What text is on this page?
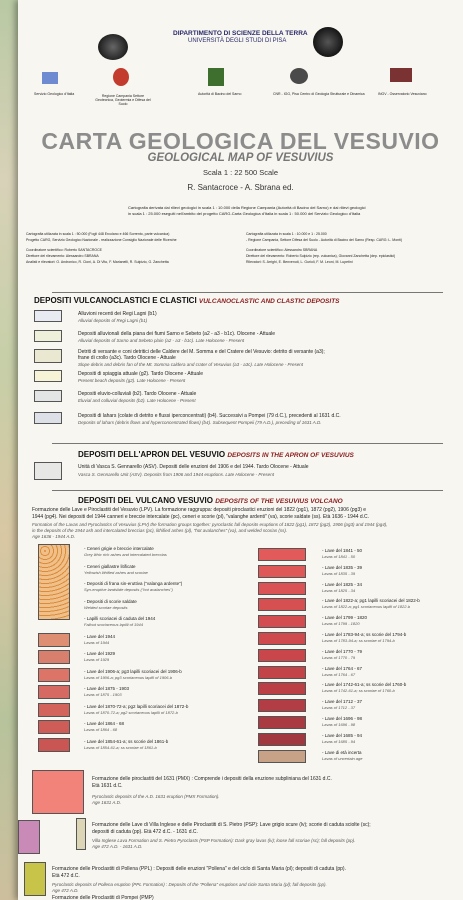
DIPARTIMENTO DI SCIENZE DELLA TERRA
UNIVERSITÀ DEGLI STUDI DI PISA
Servizio Geologico d'Italia	Regione Campania Settore Geotecnica, Geotermia e Difesa del Suolo
Autorità di Bacino del Sarno	CNR - IGG, Pisa Centro di Geologia Strutturale e Dinamica	INGV - Osservatorio Vesuviano
CARTA GEOLOGICA DEL VESUVIO
GEOLOGICAL MAP OF VESUVIUS
Scala 1 : 22 500 Scale
R. Santacroce - A. Sbrana ed.
Cartografia derivata dai rilievi geologici in scala 1 : 10.000 della Regione Campania (Autorità di Bacino del Sarno) e dai rilievi geologici
in scala 1 : 25.000 eseguiti nell'ambito del progetto CARG-Carta Geologica d'Italia in scala 1 : 50.000 del Servizio Geologico d'Italia
Cartografia utilizzata in scala 1 : 50.000 (Fogli 448 Ercolano e 466 Sorrento, parte vulcanica)
Progetto CARG, Servizio Geologico Nazionale - realizzazione Consiglio Nazionale delle Ricerche
Coordinatore scientifico: Roberto SANTACROCE
Direttore del rilevamento: Alessandro SBRANA
Analisti e rilevatori: O. Andronico, R. Cioni, A. Di Vito, F. Marianelli, R. Sulpizio, G. Zanchetta
Cartografia utilizzata in scala 1 : 10.000 e 1 : 25.000
- Regione Campania, Settore Difesa del Suolo - Autorità di Bacino del Sarno (Resp. CARG: L. Monti)
Coordinatore scientifico: Alessandro SBRANA
Direttore del rilevamento: Roberto Sulpizio (rep. vulcanica), Giovanni Zanchetta (dep. epiclastici)
Rilevatori: S. Arrighi, E. Benvenuti, L. Gurioli, F. M. Leoni, M. Lupetini
DEPOSITI VULCANOCLASTICI E CLASTICI VULCANOCLASTIC AND CLASTIC DEPOSITS
Alluvioni recenti dei Regi Lagni (b1)
Alluvial deposits of Regi Lagni (b1)
Depositi alluvionali della piana dei fiumi Sarno e Sebeto (a2 - a3 - b1c). Olocene - Attuale
Alluvial deposits of Sarno and Sebeto plain (a2 - a3 - b1c). Late Holocene - Present
Detriti di versante e coni detritici delle Caldere del M. Somma e del Cratere del Vesuvio: detrito di versante (a3);
frane di crollo (a3c). Tardo Olocene - Attuale
Slope debris and debris fan of the Mt. Somma caldera and crater of Vesuvius (a3 - a3c). Late Holocene - Present
Depositi di spiaggia attuale (g2). Tardo Olocene - Attuale
Present beach deposits (g2). Late Holocene - Present
Depositi eluvio-colluviali (b2). Tardo Olocene - Attuale
Eluvial and colluvial deposits (b2). Late Holocene - Present
Depositi di lahars (colate di detrito e flussi iperconcentrati) (b4). Successivi a Pompei (79 d.C.), precedenti al 1631 d.C.
Deposits of lahars (debris flows and hyperconcentrated flows) (b4). Subsequent Pompeii (79 A.D.), preceding of 1631 A.D.
DEPOSITI DELL'APRON DEL VESUVIO DEPOSITS IN THE APRON OF VESUVIUS
Unità di Vasca S. Gennarello (ASV). Depositi delle eruzioni del 1906 e del 1944. Tardo Olocene - Attuale
Vasca S. Gennarello Unit (ASV). Deposits from 1906 and 1944 eruptions. Late Holocene - Present
DEPOSITI DEL VULCANO VESUVIO DEPOSITS OF THE VESUVIUS VOLCANO
Formazione delle Lave e Piroclastiti del Vesuvio (LPV). La formazione raggruppa: depositi piroclastici eruzioni del 1822 (pg1), 1872 (pg2), 1906 (pg3) e
1944 (pg4). Nei depositi del 1944 canneri e breccie intercalate (pc), ceneri e scorie (pl), "valanghe ardenti" (va), scorie saldate (ss). Età 1636 - 1944 d.C.
Formation of the Lavas and Pyroclastics of Vesuvius (LPV) the formation groups together: pyroclastic fall deposits eruptions of 1822 (pg1), 1872 (pg2), 1906 (pg3) and 1944 (pg4),
in the deposits of the 1944 ash and intercalated breccias (pc), lithified ashes (pl), "hot avalanches" (va), and welded scorias (ss).
Age 1636 - 1944 A.D.
- Ceneri grigie e breccie intercalate
Grey lithic rich ashes and intercalated breccias
- Ceneri giallastre litificate
Yellowish lithified ashes and scoriae
- Depositi di frana sin-eruttiva ("valanga ardente")
Syn-eruptive landslide deposits ("hot avalanches")
- Depositi di scorie saldate
Welded scoriae deposits
- Lapilli scoriacei di caduta del 1944
Fallout scoriaceous lapilli of 1944
- Lave del 1944
Lavas of 1944
- Lave del 1929
Lavas of 1929
- Lave del 1906-a; pg3 lapilli scoriacei del 1906-b
Lavas of 1906-a; pg3 scoriaceous lapilli of 1906-b
- Lave del 1875 - 1903
Lavas of 1875 - 1903
- Lave del 1870-72-a; pg2 lapilli scoriacei del 1872-b
Lavas of 1870-72-a; pg2 scoriaceous lapilli of 1872-b
- Lave del 1864 - 68
Lavas of 1864 - 68
- Lave del 1854-61-a; ss scorie del 1861-b
Lavas of 1854-61-a; ss scoriae of 1861-b
- Lave del 1841 - 50
Lavas of 1841 - 50
- Lave del 1835 - 39
Lavas of 1835 - 39
- Lave del 1825 - 34
Lavas of 1825 - 34
- Lave del 1822-a; pg1 lapilli scoriacei del 1822-b
Lavas of 1822-a; pg1 scoriaceous lapilli of 1822-b
- Lave del 1799 - 1820
Lavas of 1799 - 1820
- Lave del 1783-94-a; ss scorie del 1794-b
Lavas of 1783-94-a; ss scoriae of 1794-b
- Lave del 1770 - 79
Lavas of 1770 - 79
- Lave del 1764 - 67
Lavas of 1764 - 67
- Lave del 1742-61-a; ss scorie del 1760-b
Lavas of 1742-61-a; ss scoriae of 1760-b
- Lave del 1712 - 37
Lavas of 1712 - 37
- Lave del 1696 - 98
Lavas of 1696 - 98
- Lave del 1685 - 94
Lavas of 1685 - 94
- Lave di età incerta
Lavas of uncertain age
Formazione delle piroclastiti del 1631 (PMX) : Comprende i depositi della eruzione subpliniana del 1631 d.C.
Età 1631 d.C.
Pyroclastic deposits of the A.D. 1631 eruption (PMX Formation).
Age 1631 A.D.
Formazione delle Lave di Villa Inglese e delle Piroclastiti di S. Pietro (PSP): Lave grigio scure (lv); scorie di caduta sciolte (sc);
depositi di caduta (pp). Età 472 d.C. - 1631 d.C.
Villa Inglese Lava Formation and S. Pietro Pyroclasts (PSP Formation): Dark gray lavas (lv); loose fall scoriae (sc); fall deposits (pp).
Age 472 A.D. - 1631 A.D.
Formazione delle Piroclastiti di Pollena (PPL) : Depositi delle eruzioni "Pollena" e del ciclo di Santa Maria (pl); depositi di caduta (pp).
Età 472 d.C.
Pyroclastic deposits of Pollena eruption (PPL Formation) : Deposits of the "Pollena" eruptions and cicle Santa Maria (pl); fall deposits (pp).
Age 472 A.D.
Formazione delle Piroclastiti di Pompei (PMP)
